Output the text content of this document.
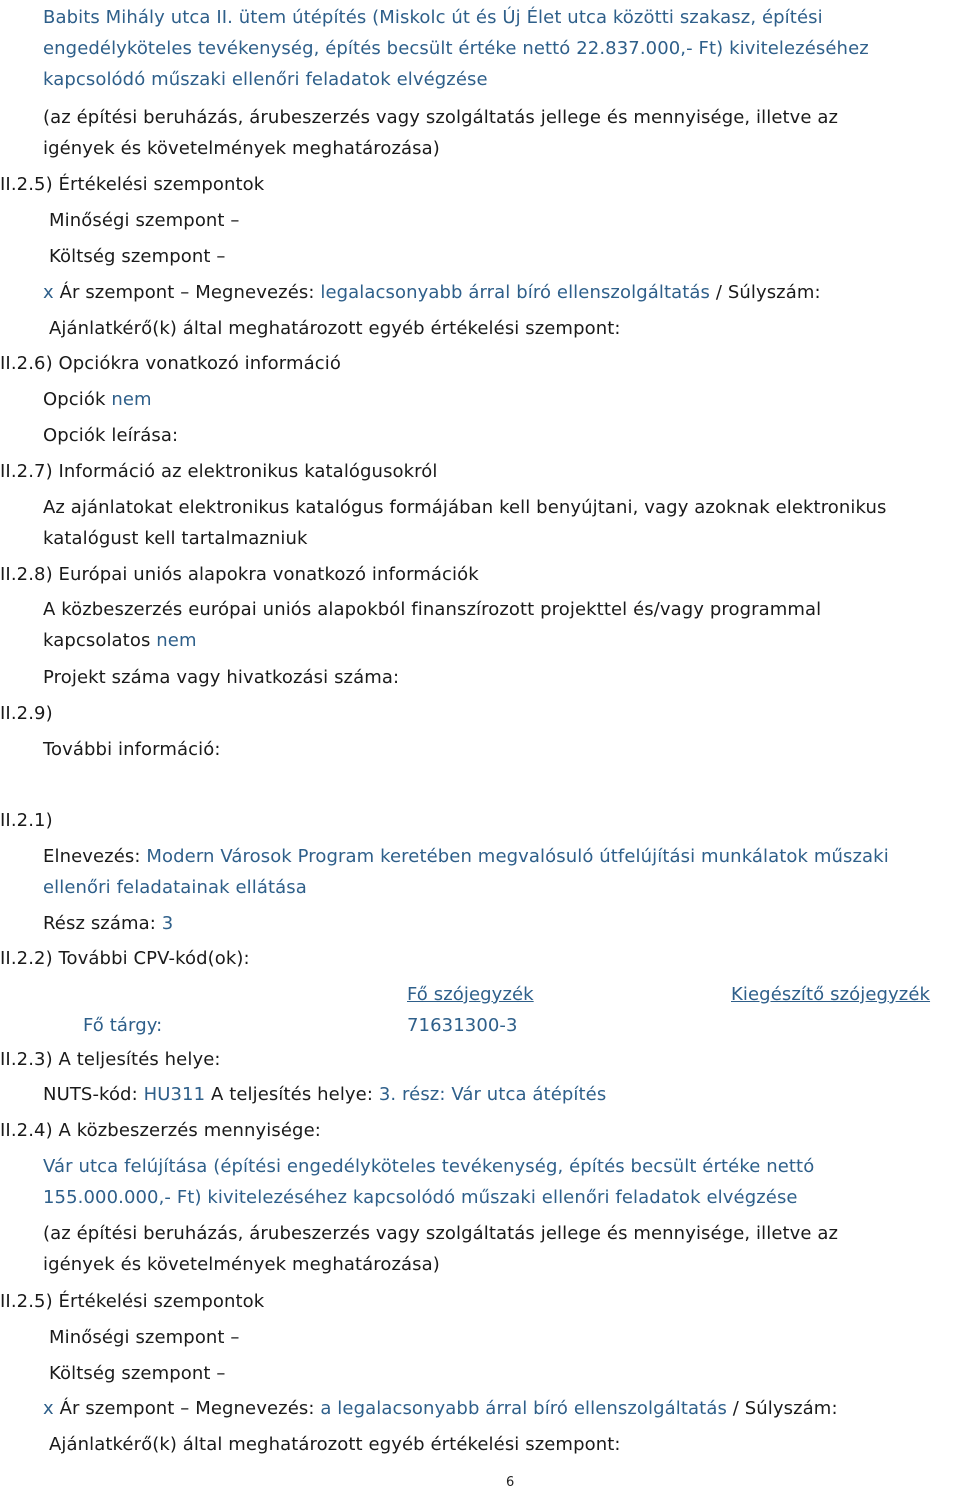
Babits Mihály utca II. ütem útépítés (Miskolc út és Új Élet utca közötti szakasz, építési
engedélyköteles tevékenység, építés becsült értéke nettó 22.837.000,- Ft) kivitelezéséhez
kapcsolódó műszaki ellenőri feladatok elvégzése
(az építési beruházás, árubeszerzés vagy szolgáltatás jellege és mennyisége, illetve az
igények és követelmények meghatározása)
II.2.5) Értékelési szempontok
Minőségi szempont –
Költség szempont –
x Ár szempont – Megnevezés: legalacsonyabb árral bíró ellenszolgáltatás / Súlyszám:
Ajánlatkérő(k) által meghatározott egyéb értékelési szempont:
II.2.6) Opciókra vonatkozó információ
Opciók nem
Opciók leírása:
II.2.7) Információ az elektronikus katalógusokról
Az ajánlatokat elektronikus katalógus formájában kell benyújtani, vagy azoknak elektronikus
katalógust kell tartalmazniuk
II.2.8) Európai uniós alapokra vonatkozó információk
A közbeszerzés európai uniós alapokból finanszírozott projekttel és/vagy programmal
kapcsolatos nem
Projekt száma vagy hivatkozási száma:
II.2.9)
További információ:
II.2.1)
Elnevezés: Modern Városok Program keretében megvalósuló útfelújítási munkálatok műszaki
ellenőri feladatainak ellátása
Rész száma: 3
II.2.2) További CPV-kód(ok):
Fő szójegyzék	Kiegészítő szójegyzék
Fő tárgy:	71631300-3
II.2.3) A teljesítés helye:
NUTS-kód: HU311 A teljesítés helye: 3. rész: Vár utca átépítés
II.2.4) A közbeszerzés mennyisége:
Vár utca felújítása (építési engedélyköteles tevékenység, építés becsült értéke nettó
155.000.000,- Ft) kivitelezéséhez kapcsolódó műszaki ellenőri feladatok elvégzése
(az építési beruházás, árubeszerzés vagy szolgáltatás jellege és mennyisége, illetve az
igények és követelmények meghatározása)
II.2.5) Értékelési szempontok
Minőségi szempont –
Költség szempont –
x Ár szempont – Megnevezés: a legalacsonyabb árral bíró ellenszolgáltatás / Súlyszám:
Ajánlatkérő(k) által meghatározott egyéb értékelési szempont:
6
